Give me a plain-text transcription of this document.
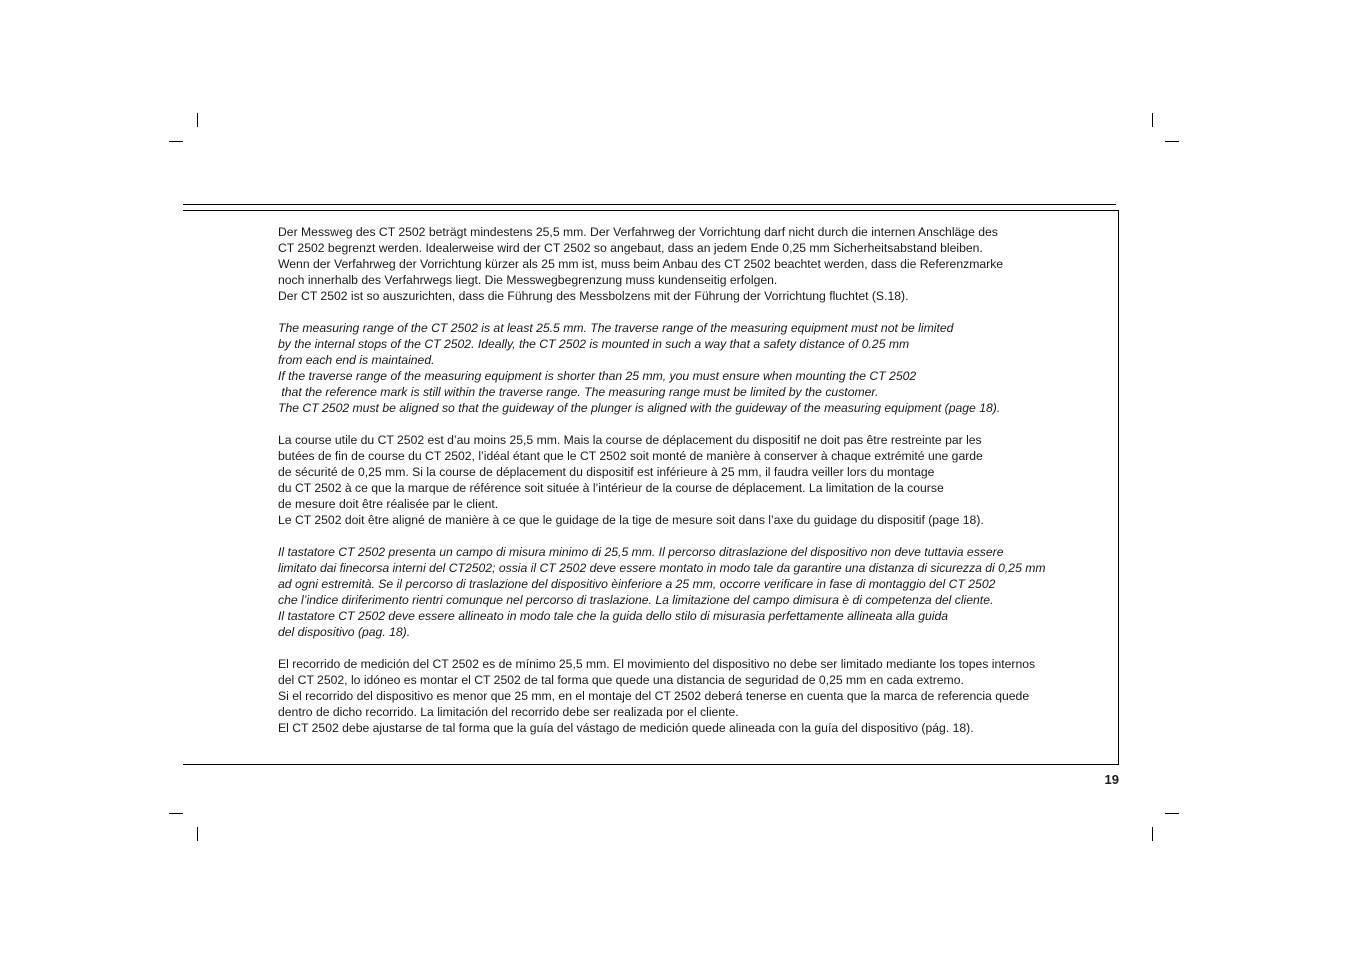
Der Messweg des CT 2502 beträgt mindestens 25,5 mm. Der Verfahrweg der Vorrichtung darf nicht durch die internen Anschläge des
CT 2502 begrenzt werden. Idealerweise wird der CT 2502 so angebaut, dass an jedem Ende 0,25 mm Sicherheitsabstand bleiben.
Wenn der Verfahrweg der Vorrichtung kürzer als 25 mm ist, muss beim Anbau des CT 2502 beachtet werden, dass die Referenzmarke
noch innerhalb des Verfahrwegs liegt. Die Messwegbegrenzung muss kundenseitig erfolgen.
Der CT 2502 ist so auszurichten, dass die Führung des Messbolzens mit der Führung der Vorrichtung fluchtet (S.18).

The measuring range of the CT 2502 is at least 25.5 mm. The traverse range of the measuring equipment must not be limited
by the internal stops of the CT 2502. Ideally, the CT 2502 is mounted in such a way that a safety distance of 0.25 mm
from each end is maintained.
If the traverse range of the measuring equipment is shorter than 25 mm, you must ensure when mounting the CT 2502
that the reference mark is still within the traverse range. The measuring range must be limited by the customer.
The CT 2502 must be aligned so that the guideway of the plunger is aligned with the guideway of the measuring equipment (page 18).

La course utile du CT 2502 est d’au moins 25,5 mm. Mais la course de déplacement du dispositif ne doit pas être restreinte par les
butées de fin de course du CT 2502, l’idéal étant que le CT 2502 soit monté de manière à conserver à chaque extrémité une garde
de sécurité de 0,25 mm. Si la course de déplacement du dispositif est inférieure à 25 mm, il faudra veiller lors du montage
du CT 2502 à ce que la marque de référence soit située à l’intérieur de la course de déplacement. La limitation de la course
de mesure doit être réalisée par le client.
Le CT 2502 doit être aligné de manière à ce que le guidage de la tige de mesure soit dans l’axe du guidage du dispositif (page 18).

Il tastatore CT 2502 presenta un campo di misura minimo di 25,5 mm. Il percorso ditraslazione del dispositivo non deve tuttavia essere
limitato dai finecorsa interni del CT2502; ossia il CT 2502 deve essere montato in modo tale da garantire una distanza di sicurezza di 0,25 mm
ad ogni estremità. Se il percorso di traslazione del dispositivo èinferiore a 25 mm, occorre verificare in fase di montaggio del CT 2502
che l’indice diriferimento rientri comunque nel percorso di traslazione. La limitazione del campo dimisura è di competenza del cliente.
Il tastatore CT 2502 deve essere allineato in modo tale che la guida dello stilo di misurasia perfettamente allineata alla guida
del dispositivo (pag. 18).

El recorrido de medición del CT 2502 es de mínimo 25,5 mm. El movimiento del dispositivo no debe ser limitado mediante los topes internos
del CT 2502, lo idóneo es montar el CT 2502 de tal forma que quede una distancia de seguridad de 0,25 mm en cada extremo.
Si el recorrido del dispositivo es menor que 25 mm, en el montaje del CT 2502 deberá tenerse en cuenta que la marca de referencia quede
dentro de dicho recorrido. La limitación del recorrido debe ser realizada por el cliente.
El CT 2502 debe ajustarse de tal forma que la guía del vástago de medición quede alineada con la guía del dispositivo (pág. 18).

19
